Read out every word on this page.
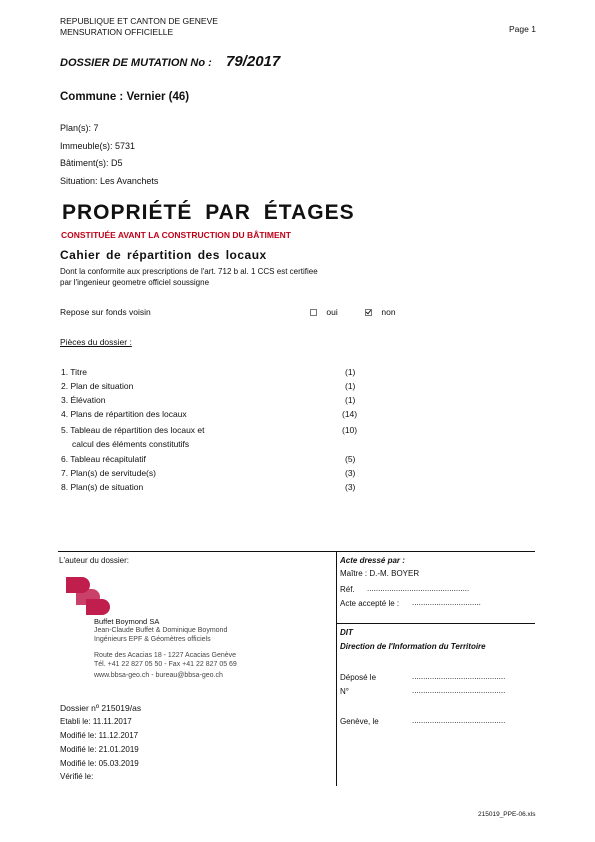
REPUBLIQUE ET CANTON DE GENEVE
MENSURATION OFFICIELLE	Page 1
DOSSIER DE MUTATION No : 79/2017
Commune : Vernier (46)
Plan(s): 7
Immeuble(s): 5731
Bâtiment(s): D5
Situation: Les Avanchets
PROPRIÉTÉ PAR ÉTAGES
CONSTITUÉE AVANT LA CONSTRUCTION DU BÂTIMENT
Cahier de répartition des locaux
Dont la conformite aux prescriptions de l'art. 712 b al. 1 CCS est certifiee
par l'ingenieur geometre officiel soussigne
Repose sur fonds voisin	oui	non
Pièces du dossier :
1. Titre	(1)
2. Plan de situation	(1)
3. Élévation	(1)
4. Plans de répartition des locaux	(14)
5. Tableau de répartition des locaux et	(10)
calcul des éléments constitutifs
6. Tableau récapitulatif	(5)
7. Plan(s) de servitude(s)	(3)
8. Plan(s) de situation	(3)
L'auteur du dossier:
Buffet Boymond SA
Jean-Claude Buffet & Dominique Boymond
Ingénieurs EPF & Géomètres officiels
Route des Acacias 18 - 1227 Acacias Genève
Tél. +41 22 827 05 50 - Fax +41 22 827 05 69
www.bbsa-geo.ch - bureau@bbsa-geo.ch
Dossier nº 215019/as
Etabli le: 11.11.2017
Modifié le: 11.12.2017
Modifié le: 21.01.2019
Modifié le: 05.03.2019
Vérifié le:
Acte dressé par :
Maître : D.-M. BOYER
Réf. ..............................................
Acte accepté le : ...............................
DIT
Direction de l'Information du Territoire
Déposé le	..........................................
N°	..........................................
Genève, le	..........................................
215019_PPE-06.xls
